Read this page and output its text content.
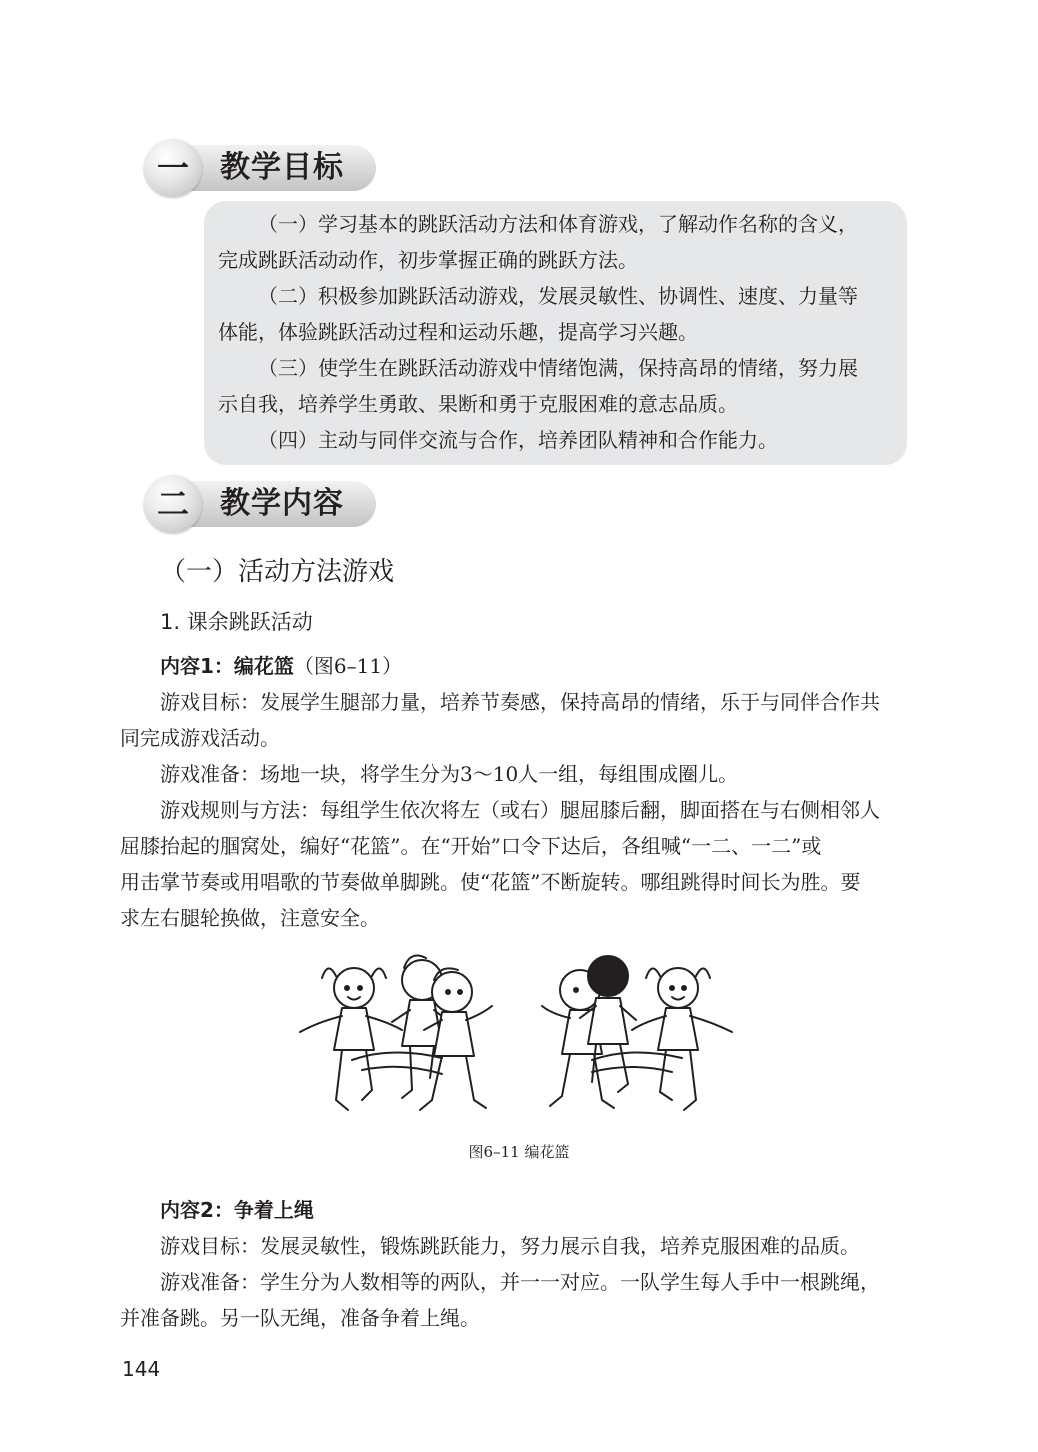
一	教学目标
（一）学习基本的跳跃活动方法和体育游戏，了解动作名称的含义，
完成跳跃活动动作，初步掌握正确的跳跃方法。
（二）积极参加跳跃活动游戏，发展灵敏性、协调性、速度、力量等
体能，体验跳跃活动过程和运动乐趣，提高学习兴趣。
（三）使学生在跳跃活动游戏中情绪饱满，保持高昂的情绪，努力展
示自我，培养学生勇敢、果断和勇于克服困难的意志品质。
（四）主动与同伴交流与合作，培养团队精神和合作能力。
二	教学内容
（一）活动方法游戏
1. 课余跳跃活动
内容1：编花篮（图6–11）
游戏目标：发展学生腿部力量，培养节奏感，保持高昂的情绪，乐于与同伴合作共
同完成游戏活动。
游戏准备：场地一块，将学生分为3～10人一组，每组围成圈儿。
游戏规则与方法：每组学生依次将左（或右）腿屈膝后翻，脚面搭在与右侧相邻人
屈膝抬起的腘窝处，编好“花篮”。在“开始”口令下达后，各组喊“一二、一二”或
用击掌节奏或用唱歌的节奏做单脚跳。使“花篮”不断旋转。哪组跳得时间长为胜。要
求左右腿轮换做，注意安全。
图6–11 编花篮
内容2：争着上绳
游戏目标：发展灵敏性，锻炼跳跃能力，努力展示自我，培养克服困难的品质。
游戏准备：学生分为人数相等的两队，并一一对应。一队学生每人手中一根跳绳，
并准备跳。另一队无绳，准备争着上绳。
144
